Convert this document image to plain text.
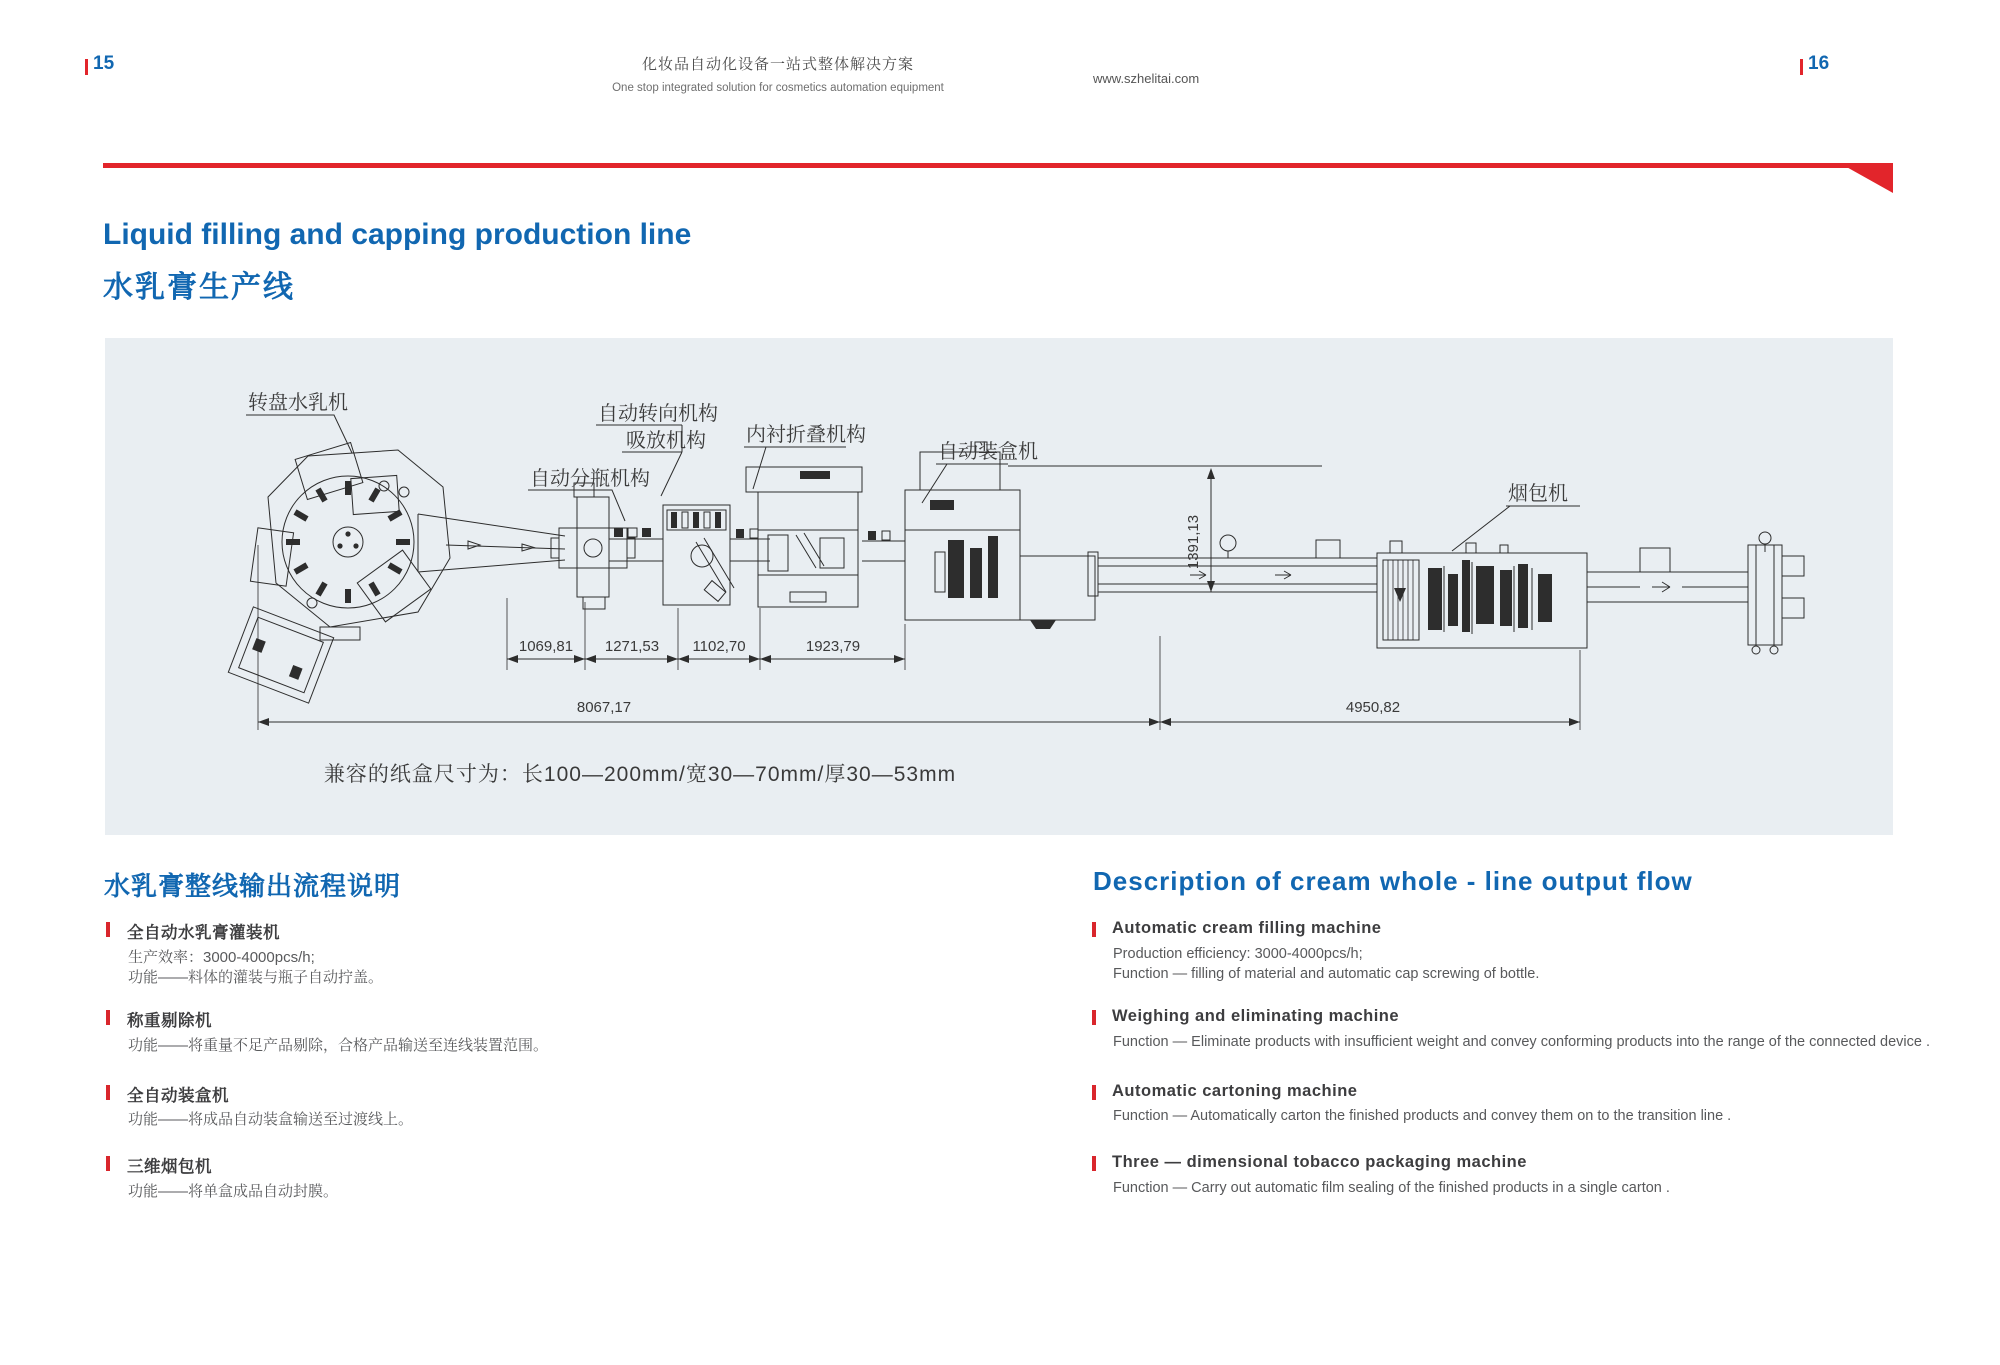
15	化妆品自动化设备一站式整体解决方案
One stop integrated solution for cosmetics automation equipment
www.szhelitai.com
16
Liquid filling and capping production line
水乳膏生产线
1069,81 1271,53 1102,70	1923,79
8067,17	4950,82
1391,13
转盘水乳机	自动转向机构
吸放机构
自动分瓶机构
内衬折叠机构
自动装盒机
烟包机
兼容的纸盒尺寸为：长100—200mm/宽30—70mm/厚30—53mm
水乳膏整线输出流程说明
全自动水乳膏灌装机
生产效率：3000-4000pcs/h;
功能——料体的灌装与瓶子自动拧盖。
称重剔除机
功能——将重量不足产品剔除，合格产品输送至连线装置范围。
全自动装盒机
功能——将成品自动装盒输送至过渡线上。
三维烟包机
功能——将单盒成品自动封膜。
Description of cream whole - line output flow
Automatic cream filling machine
Production efficiency: 3000-4000pcs/h;
Function — filling of material and automatic cap screwing of bottle.
Weighing and eliminating machine
Function — Eliminate products with insufficient weight and convey conforming products into the range of the connected device .
Automatic cartoning machine
Function — Automatically carton the finished products and convey them on to the transition line .
Three — dimensional tobacco packaging machine
Function — Carry out automatic film sealing of the finished products in a single carton .
